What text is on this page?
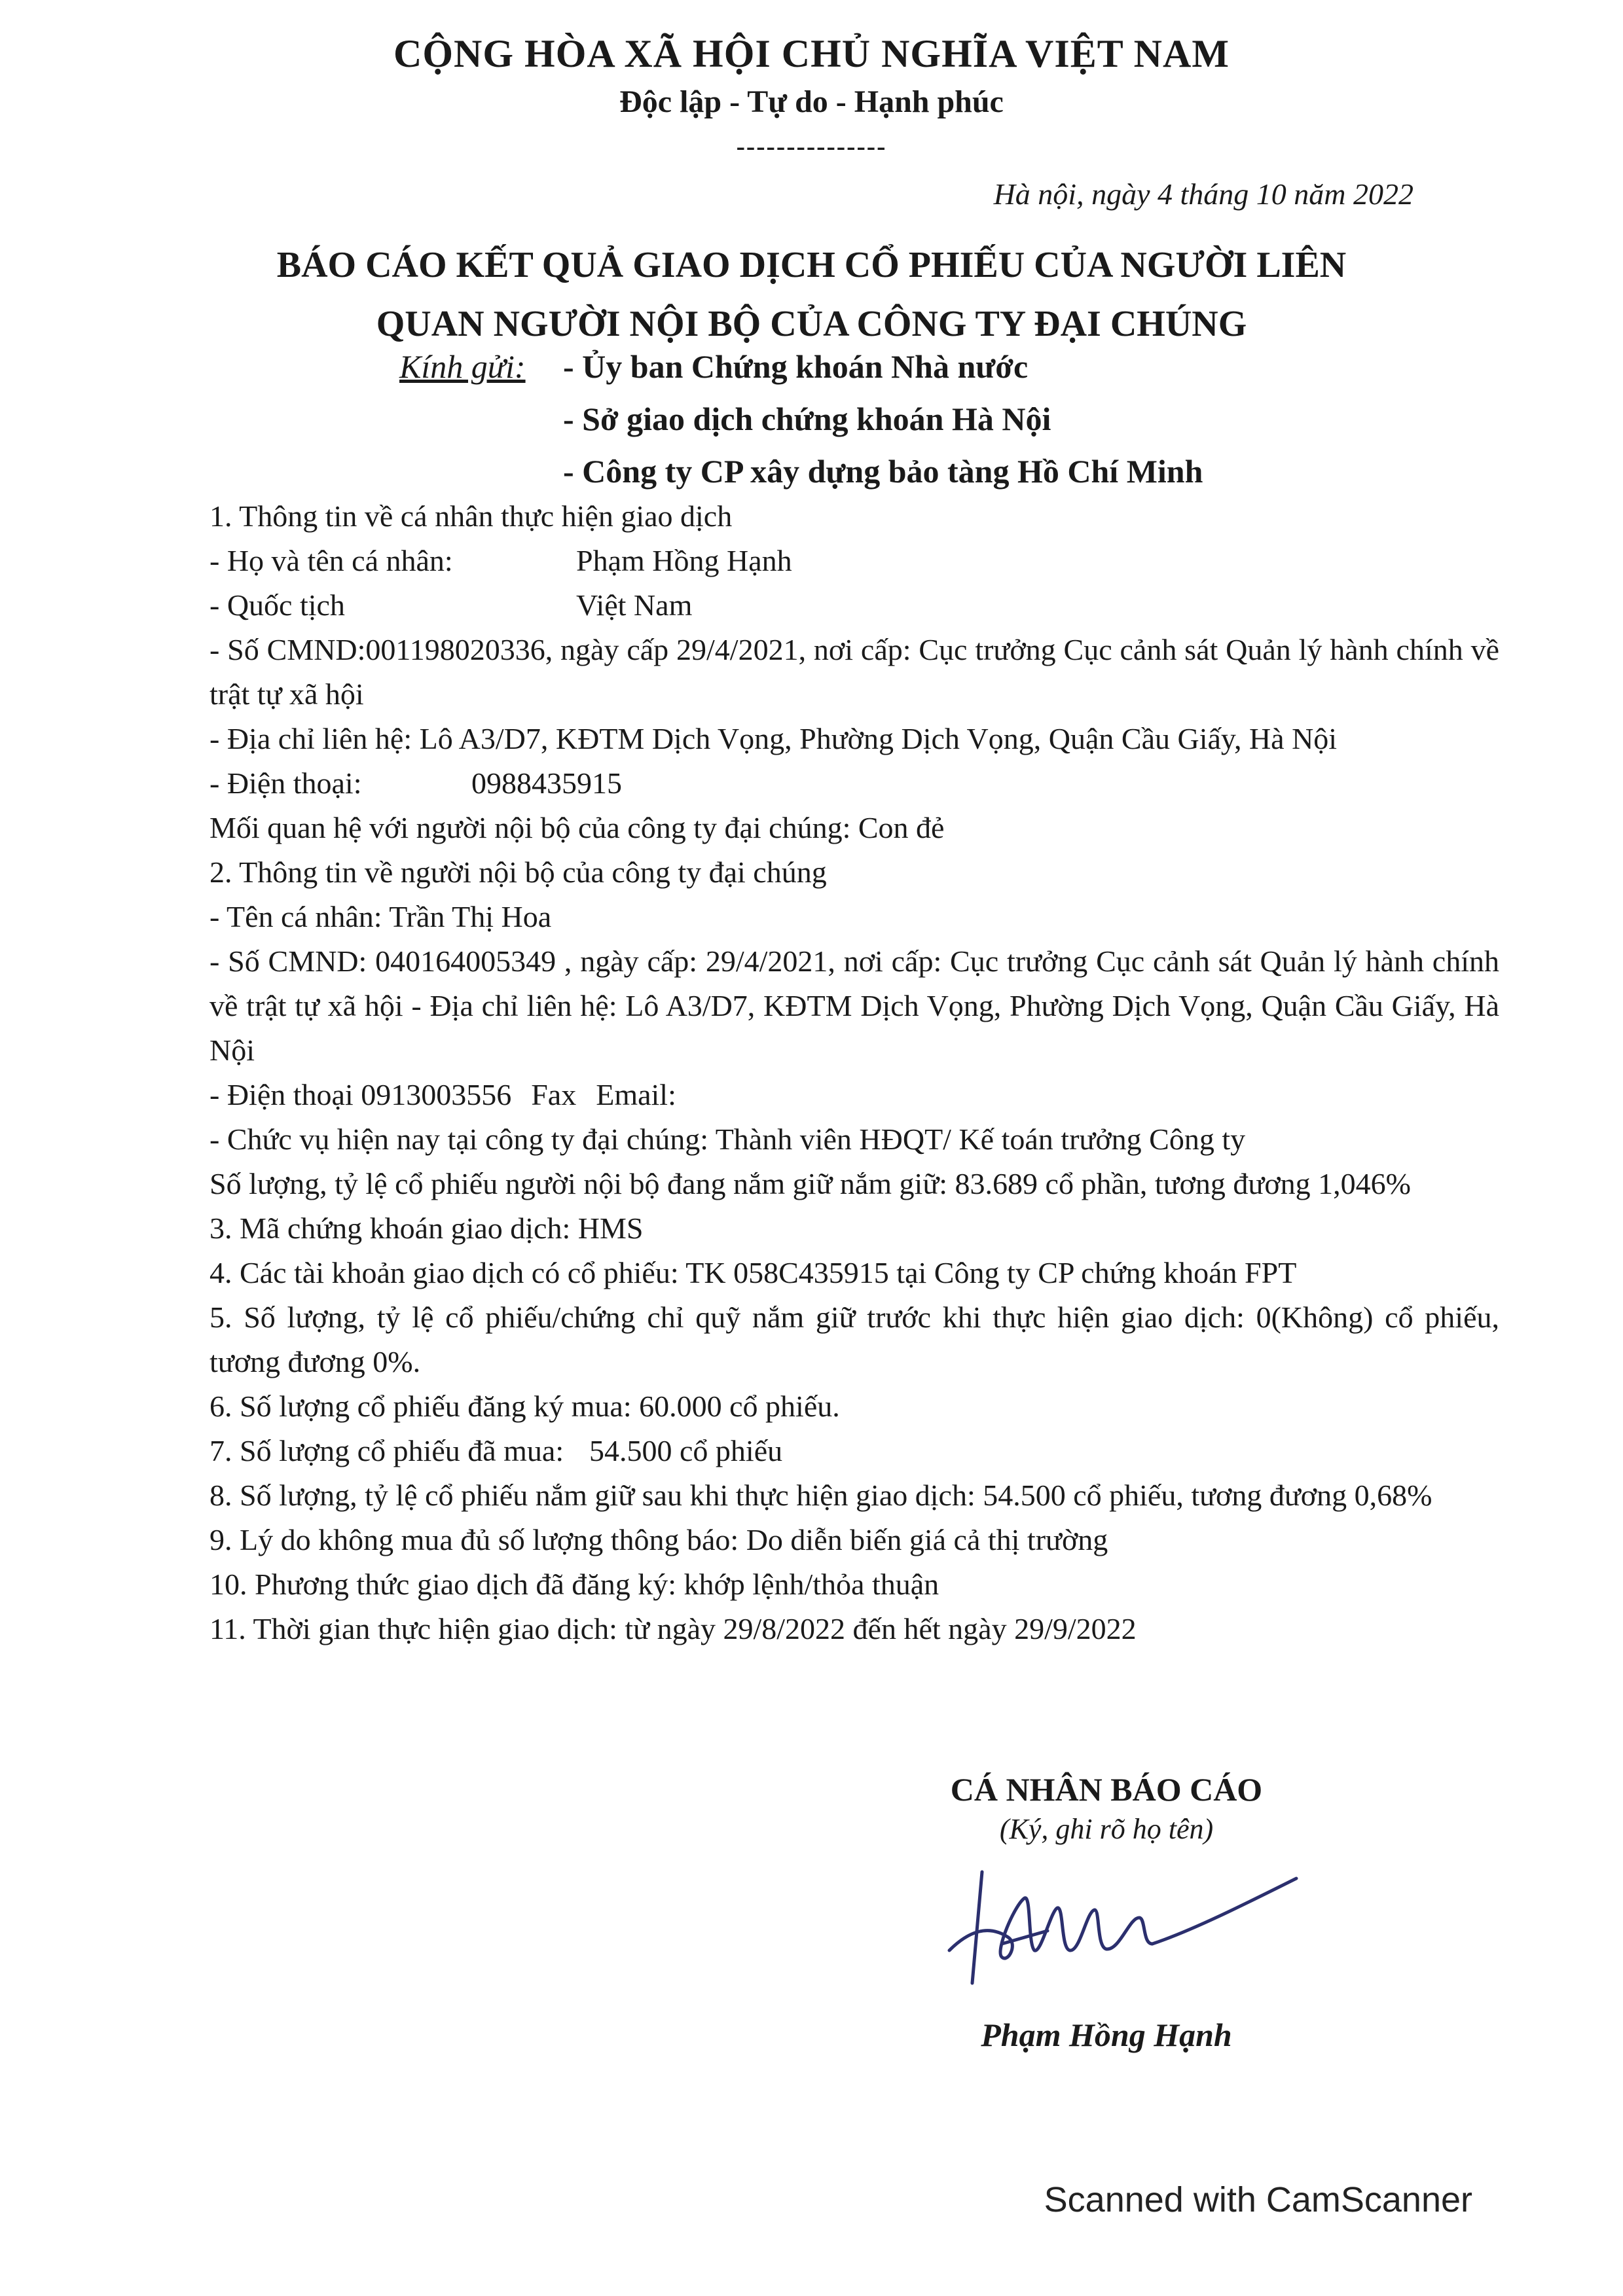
CỘNG HÒA XÃ HỘI CHỦ NGHĨA VIỆT NAM
Độc lập - Tự do - Hạnh phúc
---------------
Hà nội, ngày 4 tháng 10 năm 2022
BÁO CÁO KẾT QUẢ GIAO DỊCH CỔ PHIẾU CỦA NGƯỜI LIÊN
QUAN NGƯỜI NỘI BỘ CỦA CÔNG TY ĐẠI CHÚNG
Kính gửi: - Ủy ban Chứng khoán Nhà nước
- Sở giao dịch chứng khoán Hà Nội
- Công ty CP xây dựng bảo tàng Hồ Chí Minh
1. Thông tin về cá nhân thực hiện giao dịch
- Họ và tên cá nhân:	Phạm Hồng Hạnh
- Quốc tịch	Việt Nam
- Số CMND:001198020336, ngày cấp 29/4/2021, nơi cấp: Cục trưởng Cục cảnh sát Quản lý hành chính về trật tự xã hội
- Địa chỉ liên hệ: Lô A3/D7, KĐTM Dịch Vọng, Phường Dịch Vọng, Quận Cầu Giấy, Hà Nội
- Điện thoại:	0988435915
Mối quan hệ với người nội bộ của công ty đại chúng: Con đẻ
2. Thông tin về người nội bộ của công ty đại chúng
- Tên cá nhân: Trần Thị Hoa
- Số CMND: 040164005349 , ngày cấp: 29/4/2021, nơi cấp: Cục trưởng Cục cảnh sát Quản lý hành chính về trật tự xã hội - Địa chỉ liên hệ: Lô A3/D7, KĐTM Dịch Vọng, Phường Dịch Vọng, Quận Cầu Giấy, Hà Nội
- Điện thoại 0913003556 Fax Email:
- Chức vụ hiện nay tại công ty đại chúng: Thành viên HĐQT/ Kế toán trưởng Công ty
Số lượng, tỷ lệ cổ phiếu người nội bộ đang nắm giữ nắm giữ: 83.689 cổ phần, tương đương 1,046%
3. Mã chứng khoán giao dịch: HMS
4. Các tài khoản giao dịch có cổ phiếu: TK 058C435915 tại Công ty CP chứng khoán FPT
5. Số lượng, tỷ lệ cổ phiếu/chứng chỉ quỹ nắm giữ trước khi thực hiện giao dịch: 0(Không) cổ phiếu, tương đương 0%.
6. Số lượng cổ phiếu đăng ký mua: 60.000 cổ phiếu.
7. Số lượng cổ phiếu đã mua: 54.500 cổ phiếu
8. Số lượng, tỷ lệ cổ phiếu nắm giữ sau khi thực hiện giao dịch: 54.500 cổ phiếu, tương đương 0,68%
9. Lý do không mua đủ số lượng thông báo: Do diễn biến giá cả thị trường
10. Phương thức giao dịch đã đăng ký: khớp lệnh/thỏa thuận
11. Thời gian thực hiện giao dịch: từ ngày 29/8/2022 đến hết ngày 29/9/2022
CÁ NHÂN BÁO CÁO
(Ký, ghi rõ họ tên)
Phạm Hồng Hạnh
Scanned with CamScanner
